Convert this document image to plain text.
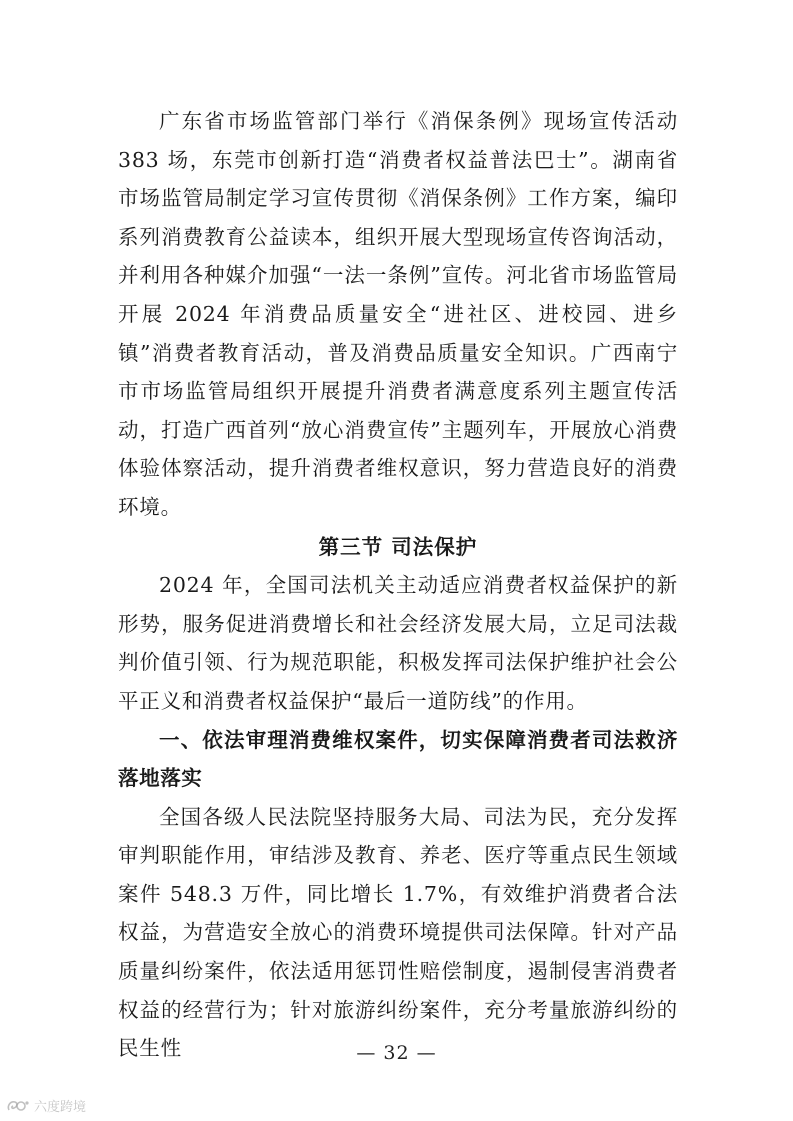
广东省市场监管部门举行《消保条例》现场宣传活动 383 场，东莞市创新打造“消费者权益普法巴士”。湖南省市场监管局制定学习宣传贯彻《消保条例》工作方案，编印系列消费教育公益读本，组织开展大型现场宣传咨询活动，并利用各种媒介加强“一法一条例”宣传。河北省市场监管局开展 2024 年消费品质量安全“进社区、进校园、进乡镇”消费者教育活动，普及消费品质量安全知识。广西南宁市市场监管局组织开展提升消费者满意度系列主题宣传活动，打造广西首列“放心消费宣传”主题列车，开展放心消费体验体察活动，提升消费者维权意识，努力营造良好的消费环境。

第三节 司法保护

2024 年，全国司法机关主动适应消费者权益保护的新形势，服务促进消费增长和社会经济发展大局，立足司法裁判价值引领、行为规范职能，积极发挥司法保护维护社会公平正义和消费者权益保护“最后一道防线”的作用。

一、依法审理消费维权案件，切实保障消费者司法救济落地落实

全国各级人民法院坚持服务大局、司法为民，充分发挥审判职能作用，审结涉及教育、养老、医疗等重点民生领域案件 548.3 万件，同比增长 1.7%，有效维护消费者合法权益，为营造安全放心的消费环境提供司法保障。针对产品质量纠纷案件，依法适用惩罚性赔偿制度，遏制侵害消费者权益的经营行为；针对旅游纠纷案件，充分考量旅游纠纷的民生性	— 32 —
六度跨境
